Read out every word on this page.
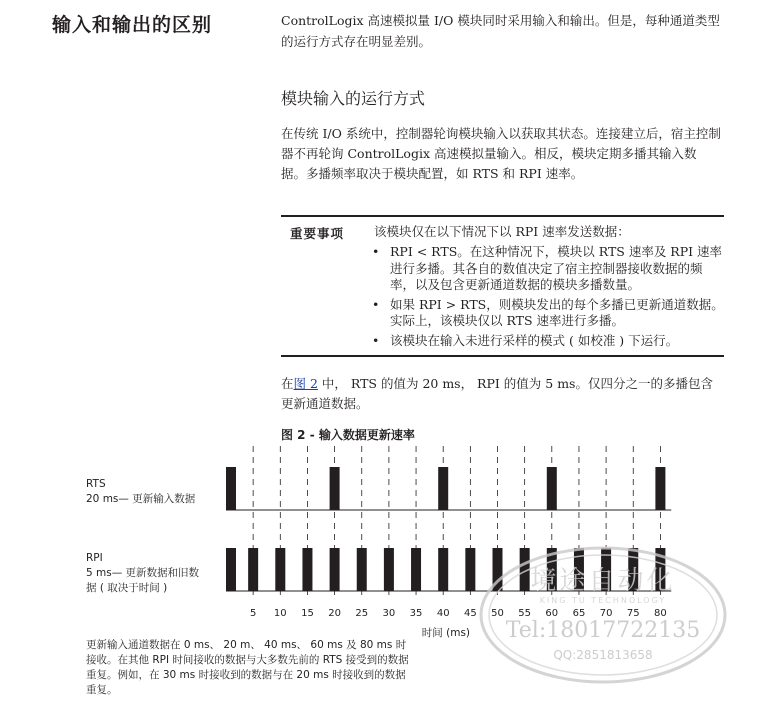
输入和输出的区别	ControlLogix 高速模拟量 I/O 模块同时采用输入和输出。但是，每种通道类型的运行方式存在明显差别。
模块输入的运行方式
在传统 I/O 系统中，控制器轮询模块输入以获取其状态。连接建立后，宿主控制器不再轮询 ControlLogix 高速模拟量输入。相反，模块定期多播其输入数据。多播频率取决于模块配置，如 RTS 和 RPI 速率。
重要事项 该模块仅在以下情况下以 RPI 速率发送数据：
• RPI < RTS。在这种情况下，模块以 RTS 速率及 RPI 速率进行多播。其各自的数值决定了宿主控制器接收数据的频率，以及包含更新通道数据的模块多播数量。
• 如果 RPI > RTS，则模块发出的每个多播已更新通道数据。实际上，该模块仅以 RTS 速率进行多播。
• 该模块在输入未进行采样的模式 ( 如校准 ) 下运行。
在图 2 中， RTS 的值为 20 ms， RPI 的值为 5 ms。仅四分之一的多播包含更新通道数据。
图 2 - 输入数据更新速率
5 10 15 20 25 30 35 40 45 50 55 60 65 70 75 80
时间 (ms)
RTS
20 ms— 更新输入数据
RPI
5 ms— 更新数据和旧数
据 ( 取决于时间 )
更新输入通道数据在 0 ms、 20 m、 40 ms、 60 ms 及 80 ms 时接收。在其他 RPI 时间接收的数据与大多数先前的 RTS 接受到的数据重复。例如，在 30 ms 时接收到的数据与在 20 ms 时接收到的数据重复。
境途自动化
KING TU TECHNOLOGY
Tel:18017722135
QQ:2851813658
